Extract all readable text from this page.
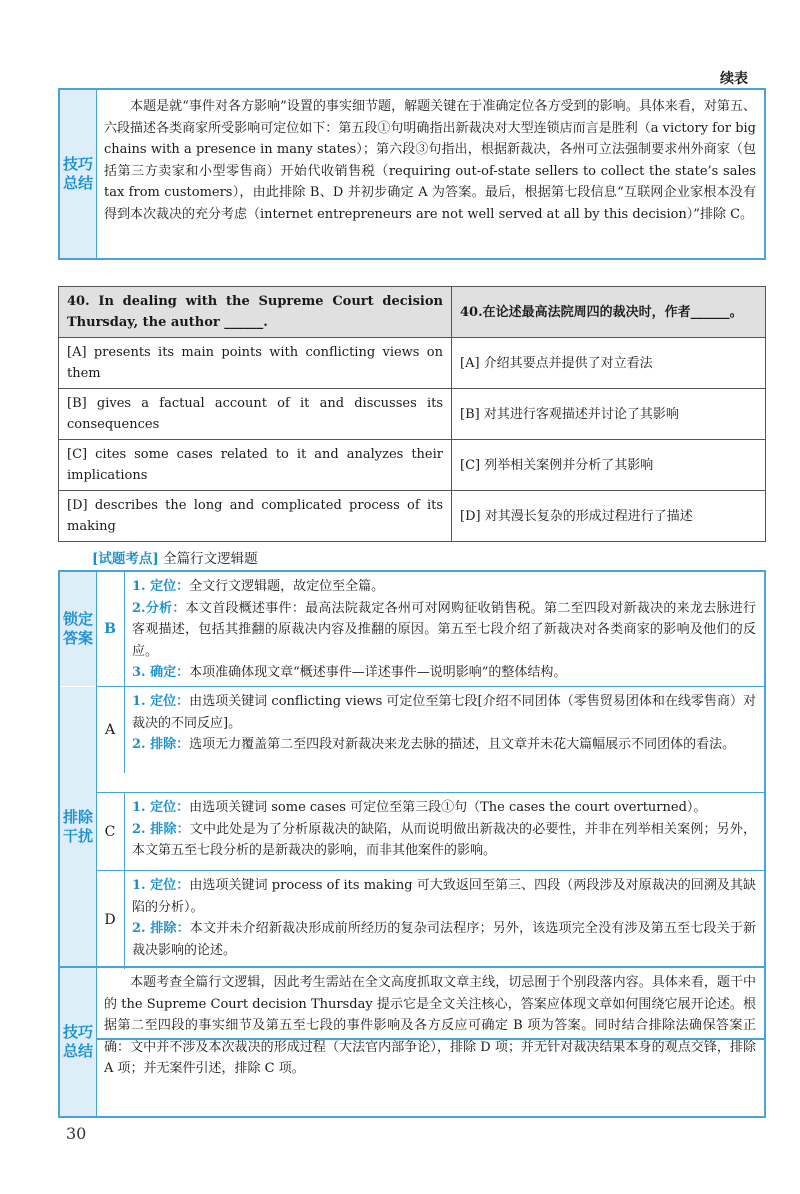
续表
技巧总结
　　本题是就“事件对各方影响”设置的事实细节题，解题关键在于准确定位各方受到的影响。具体来看，对第五、六段描述各类商家所受影响可定位如下：第五段①句明确指出新裁决对大型连锁店而言是胜利（a victory for big chains with a presence in many states）；第六段③句指出，根据新裁决，各州可立法强制要求州外商家（包括第三方卖家和小型零售商）开始代收销售税（requiring out-of-state sellers to collect the state’s sales tax from customers），由此排除 B、D 并初步确定 A 为答案。最后，根据第七段信息“互联网企业家根本没有得到本次裁决的充分考虑（internet entrepreneurs are not well served at all by this decision）”排除 C。
40. In dealing with the Supreme Court decision Thursday, the author ______.	40.在论述最高法院周四的裁决时，作者______。
[A] presents its main points with conflicting views on them	[A] 介绍其要点并提供了对立看法
[B] gives a factual account of it and discusses its consequences	[B] 对其进行客观描述并讨论了其影响
[C] cites some cases related to it and analyzes their implications	[C] 列举相关案例并分析了其影响
[D] describes the long and complicated process of its making	[D] 对其漫长复杂的形成过程进行了描述
[试题考点] 全篇行文逻辑题
锁定答案 B
1. 定位：全文行文逻辑题，故定位至全篇。
2.分析：本文首段概述事件：最高法院裁定各州可对网购征收销售税。第二至四段对新裁决的来龙去脉进行客观描述，包括其推翻的原裁决内容及推翻的原因。第五至七段介绍了新裁决对各类商家的影响及他们的反应。
3. 确定：本项准确体现文章“概述事件—详述事件—说明影响”的整体结构。
排除干扰
A
1. 定位：由选项关键词 conflicting views 可定位至第七段[介绍不同团体（零售贸易团体和在线零售商）对裁决的不同反应]。
2. 排除：选项无力覆盖第二至四段对新裁决来龙去脉的描述，且文章并未花大篇幅展示不同团体的看法。
C
1. 定位：由选项关键词 some cases 可定位至第三段①句（The cases the court overturned）。
2. 排除：文中此处是为了分析原裁决的缺陷，从而说明做出新裁决的必要性，并非在列举相关案例；另外，本文第五至七段分析的是新裁决的影响，而非其他案件的影响。
D
1. 定位：由选项关键词 process of its making 可大致返回至第三、四段（两段涉及对原裁决的回溯及其缺陷的分析）。
2. 排除：本文并未介绍新裁决形成前所经历的复杂司法程序；另外，该选项完全没有涉及第五至七段关于新裁决影响的论述。
技巧总结
　　本题考查全篇行文逻辑，因此考生需站在全文高度抓取文章主线，切忌囿于个别段落内容。具体来看，题干中的 the Supreme Court decision Thursday 提示它是全文关注核心，答案应体现文章如何围绕它展开论述。根据第二至四段的事实细节及第五至七段的事件影响及各方反应可确定 B 项为答案。同时结合排除法确保答案正确：文中并不涉及本次裁决的形成过程（大法官内部争论），排除 D 项；并无针对裁决结果本身的观点交锋，排除 A 项；并无案件引述，排除 C 项。
30
